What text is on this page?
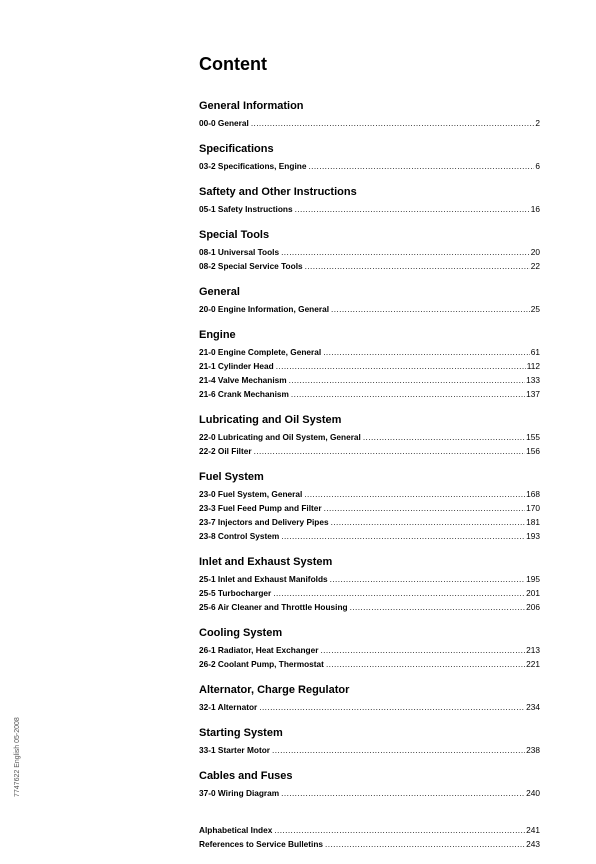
Content
General Information
00-0 General .....	2
Specifications
03-2 Specifications, Engine .....	6
Saftety and Other Instructions
05-1 Safety Instructions .....	16
Special Tools
08-1 Universal Tools .....	20
08-2 Special Service Tools .....	22
General
20-0 Engine Information, General .....	25
Engine
21-0 Engine Complete, General .....	61
21-1 Cylinder Head .....	112
21-4 Valve Mechanism .....	133
21-6 Crank Mechanism .....	137
Lubricating and Oil System
22-0 Lubricating and Oil System, General .....	155
22-2 Oil Filter .....	156
Fuel System
23-0 Fuel System, General .....	168
23-3 Fuel Feed Pump and Filter .....	170
23-7 Injectors and Delivery Pipes .....	181
23-8 Control System .....	193
Inlet and Exhaust System
25-1 Inlet and Exhaust Manifolds .....	195
25-5 Turbocharger .....	201
25-6 Air Cleaner and Throttle Housing .....	206
Cooling System
26-1 Radiator, Heat Exchanger .....	213
26-2 Coolant Pump, Thermostat .....	221
Alternator, Charge Regulator
32-1 Alternator .....	234
Starting System
33-1 Starter Motor .....	238
Cables and Fuses
37-0 Wiring Diagram .....	240
Alphabetical Index .....	241
References to Service Bulletins .....	243
7747622 English 05-2008
